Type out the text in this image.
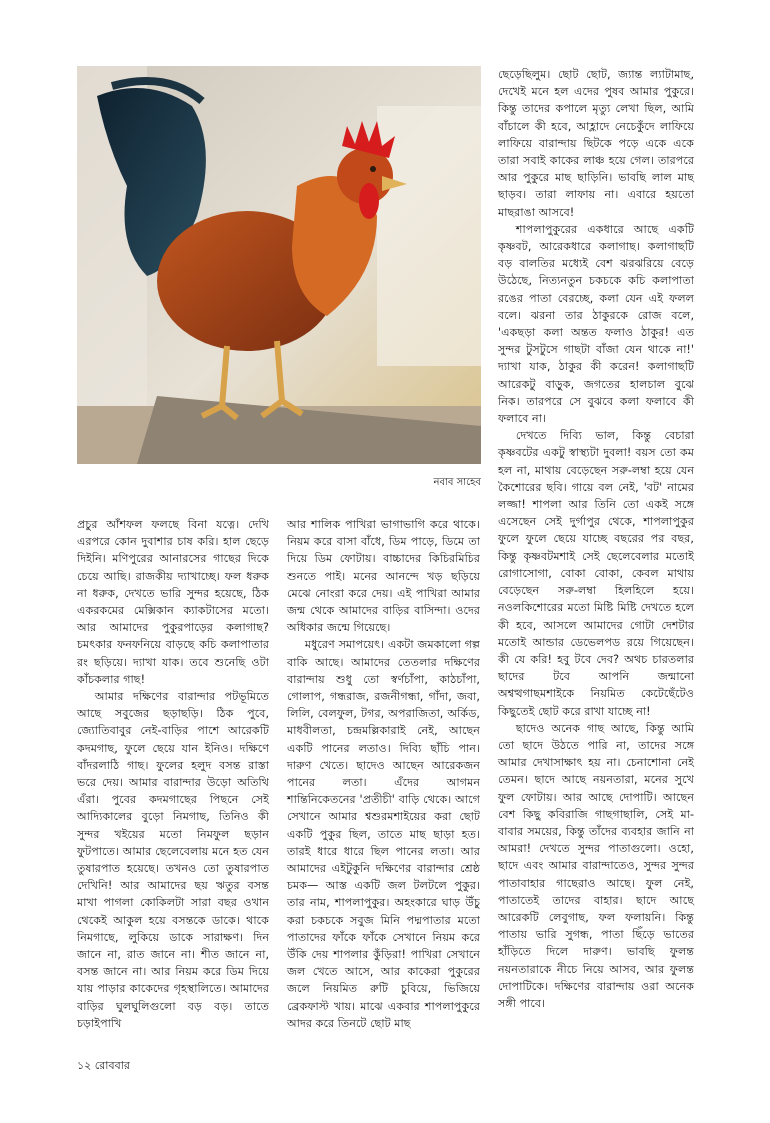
নবাব সাহেব

প্রচুর আঁশফল ফলছে বিনা যত্নে। দেখি এরপরে কোন দুবাশার চাষ করি। হাল ছেড়ে দিইনি। মণিপুরের আনারসের গাছের দিকে চেয়ে আছি। রাজকীয় দ্যাখাচ্ছে। ফল ধরুক না ধরুক, দেখতে ভারি সুন্দর হয়েছে, ঠিক একরকমের মেক্সিকান ক্যাকটাসের মতো। আর আমাদের পুকুরপাড়ের কলাগাছ? চমৎকার ফনফনিয়ে বাড়ছে কচি কলাপাতার রং ছড়িয়ে। দ্যাখা যাক। তবে শুনেছি ওটা কাঁচকলার গাছ!

আমার দক্ষিণের বারান্দার পটভূমিতে আছে সবুজের ছড়াছড়ি। ঠিক পুবে, জ্যোতিবাবুর নেই-বাড়ির পাশে আরেকটি কদমগাছ, ফুলে ছেয়ে যান ইনিও। দক্ষিণে বাঁদরলাঠি গাছ। ফুলের হলুদ বসন্ত রাস্তা ভরে দেয়। আমার বারান্দার উড়ো অতিথি এঁরা। পুবের কদমগাছের পিছনে সেই আদ্যিকালের বুড়ো নিমগাছ, তিনিও কী সুন্দর খইয়ের মতো নিমফুল ছড়ান ফুটপাতে। আমার ছেলেবেলায় মনে হত যেন তুষারপাত হয়েছে। তখনও তো তুষারপাত দেখিনি! আর আমাদের ছয় ঋতুর বসন্ত মাখা পাগলা কোকিলটা সারা বছর ওখান থেকেই আকুল হয়ে বসন্তকে ডাকে। থাকে নিমগাছে, লুকিয়ে ডাকে সারাক্ষণ। দিন জানে না, রাত জানে না। শীত জানে না, বসন্ত জানে না। আর নিয়ম করে ডিম দিয়ে যায় পাড়ার কাকেদের গৃহস্থালিতে। আমাদের বাড়ির ঘুলঘুলিগুলো বড় বড়। তাতে চড়াইপাখি

আর শালিক পাখিরা ভাগাভাগি করে থাকে। নিয়ম করে বাসা বাঁধে, ডিম পাড়ে, ডিমে তা দিয়ে ডিম ফোটায়। বাচ্চাদের কিচিরমিচির শুনতে পাই। মনের আনন্দে খড় ছড়িয়ে মেঝে নোংরা করে দেয়। এই পাখিরা আমার জন্ম থেকে আমাদের বাড়ির বাসিন্দা। ওদের অধিকার জন্মে গিয়েছে।

মধুরেণ সমাপয়েৎ। একটা জমকালো গল্প বাকি আছে। আমাদের তেতলার দক্ষিণের বারান্দায় শুধু তো স্বর্ণচাঁপা, কাঠচাঁপা, গোলাপ, গন্ধরাজ, রজনীগন্ধা, গাঁদা, জবা, লিলি, বেলফুল, টগর, অপরাজিতা, অর্কিড, মাধবীলতা, চন্দ্রমল্লিকারাই নেই, আছেন একটি পানের লতাও। দিব্যি ছাঁচি পান। দারুণ খেতে। ছাদেও আছেন আরেকজন পানের লতা। এঁদের আগমন শান্তিনিকেতনের 'প্রতীচী' বাড়ি থেকে। আগে সেখানে আমার শ্বশুরমশাইয়ের করা ছোট একটি পুকুর ছিল, তাতে মাছ ছাড়া হত। তারই ধারে ধারে ছিল পানের লতা। আর আমাদের এইটুকুনি দক্ষিণের বারান্দার শ্রেষ্ঠ চমক— আস্ত একটি জল টলটলে পুকুর। তার নাম, শাপলাপুকুর। অহংকারে ঘাড় উঁচু করা চকচকে সবুজ মিনি পদ্মপাতার মতো পাতাদের ফাঁকে ফাঁকে সেখানে নিয়ম করে উঁকি দেয় শাপলার কুঁড়িরা! পাখিরা সেখানে জল খেতে আসে, আর কাকেরা পুকুরের জলে নিয়মিত রুটি চুবিয়ে, ভিজিয়ে ব্রেকফাস্ট খায়। মাঝে একবার শাপলাপুকুরে আদর করে তিনটে ছোট মাছ

ছেড়েছিলুম। ছোট ছোট, জ্যান্ত ল্যাটামাছ, দেখেই মনে হল এদের পুষব আমার পুকুরে। কিন্তু তাদের কপালে মৃত্যু লেখা ছিল, আমি বাঁচালে কী হবে, আহ্লাদে নেচেকুঁদে লাফিয়ে লাফিয়ে বারান্দায় ছিটকে পড়ে একে একে তারা সবাই কাকের লাঞ্চ হয়ে গেল। তারপরে আর পুকুরে মাছ ছাড়িনি। ভাবছি লাল মাছ ছাড়ব। তারা লাফায় না। এবারে হয়তো মাছরাঙা আসবে!

শাপলাপুকুরের একধারে আছে একটি কৃষ্ণবট, আরেকধারে কলাগাছ। কলাগাছটি বড় বালতির মধ্যেই বেশ ঝরঝরিয়ে বেড়ে উঠেছে, নিত্যনতুন চকচকে কচি কলাপাতা রঙের পাতা বেরচ্ছে, কলা যেন এই ফলল বলে। ঝরনা তার ঠাকুরকে রোজ বলে, 'একছড়া কলা অন্তত ফলাও ঠাকুর! এত সুন্দর টুসটুসে গাছটা বাঁজা যেন থাকে না!' দ্যাখা যাক, ঠাকুর কী করেন! কলাগাছটি আরেকটু বাড়ুক, জগতের হালচাল বুঝে নিক। তারপরে সে বুঝবে কলা ফলাবে কী ফলাবে না।

দেখতে দিব্যি ভাল, কিন্তু বেচারা কৃষ্ণবটের একটু স্বাস্থ্যটা দুবলা! বয়স তো কম হল না, মাথায় বেড়েছেন সরু-লম্বা হয়ে যেন কৈশোরের ছবি। গায়ে বল নেই, 'বট' নামের লজ্জা! শাপলা আর তিনি তো একই সঙ্গে এসেছেন সেই দুর্গাপুর থেকে, শাপলাপুকুর ফুলে ফুলে ছেয়ে যাচ্ছে বছরের পর বছর, কিন্তু কৃষ্ণবটমশাই সেই ছেলেবেলার মতোই রোগাসোগা, বোকা বোকা, কেবল মাথায় বেড়েছেন সরু-লম্বা হিলহিলে হয়ে। নওলকিশোরের মতো মিষ্টি মিষ্টি দেখতে হলে কী হবে, আসলে আমাদের গোটা দেশটার মতোই আন্ডার ডেভেলপড রয়ে গিয়েছেন। কী যে করি! হবু টবে দেব? অথচ চারতলার ছাদের টবে আপনি জন্মানো অশ্বত্থগাছমশাইকে নিয়মিত কেটেছেঁটেও কিছুতেই ছোট করে রাখা যাচ্ছে না!

ছাদেও অনেক গাছ আছে, কিন্তু আমি তো ছাদে উঠতে পারি না, তাদের সঙ্গে আমার দেখাসাক্ষাৎ হয় না। চেনাশোনা নেই তেমন। ছাদে আছে নয়নতারা, মনের সুখে ফুল ফোটায়। আর আছে দোপাটি। আছেন বেশ কিছু কবিরাজি গাছগাছালি, সেই মা-বাবার সময়ের, কিন্তু তাঁদের ব্যবহার জানি না আমরা! দেখতে সুন্দর পাতাগুলো। ওহো, ছাদে এবং আমার বারান্দাতেও, সুন্দর সুন্দর পাতাবাহার গাছেরাও আছে। ফুল নেই, পাতাতেই তাদের বাহার। ছাদে আছে আরেকটি লেবুগাছ, ফল ফলায়নি। কিন্তু পাতায় ভারি সুগন্ধ, পাতা ছিঁড়ে ভাতের হাঁড়িতে দিলে দারুণ। ভাবছি ফুলন্ত নয়নতারাকে নীচে নিয়ে আসব, আর ফুলন্ত দোপাটিকে। দক্ষিণের বারান্দায় ওরা অনেক সঙ্গী পাবে।

১২ রোববার
